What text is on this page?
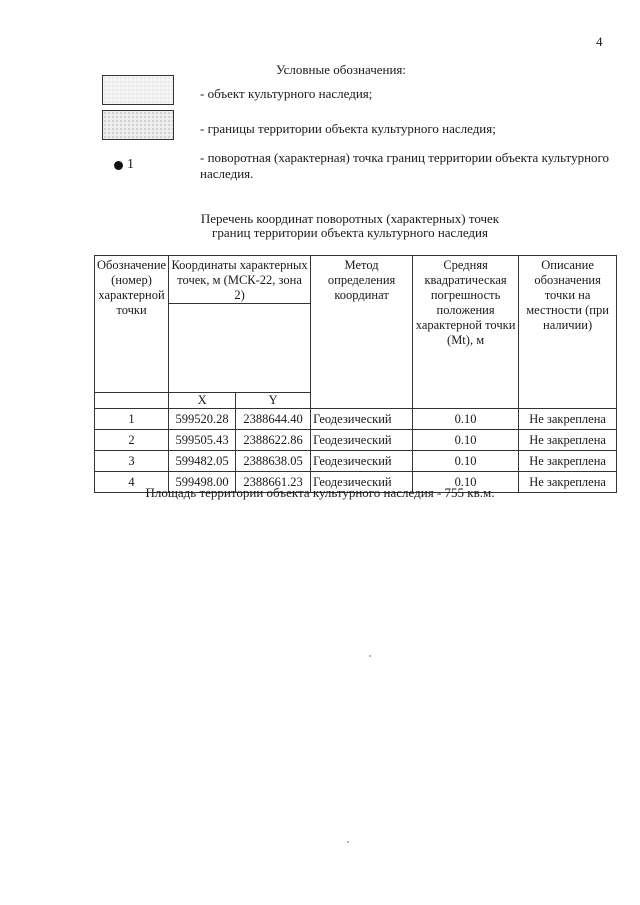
4
Условные обозначения:
- объект культурного наследия;
- границы территории объекта культурного наследия;
1	- поворотная (характерная) точка границ территории объекта культурного наследия.
Перечень координат поворотных (характерных) точек
границ территории объекта культурного наследия
Обозначение (номер) характерной точки	Координаты характерных точек, м (МСК-22, зона 2)		Метод определения координат	Средняя квадратическая погрешность положения характерной точки (Mt), м	Описание обозначения точки на местности (при наличии)

	X	Y			
1	599520.28	2388644.40	Геодезический	0.10	Не закреплена
2	599505.43	2388622.86	Геодезический	0.10	Не закреплена
3	599482.05	2388638.05	Геодезический	0.10	Не закреплена
4	599498.00	2388661.23	Геодезический	0.10	Не закреплена
Площадь территории объекта культурного наследия - 755 кв.м.
